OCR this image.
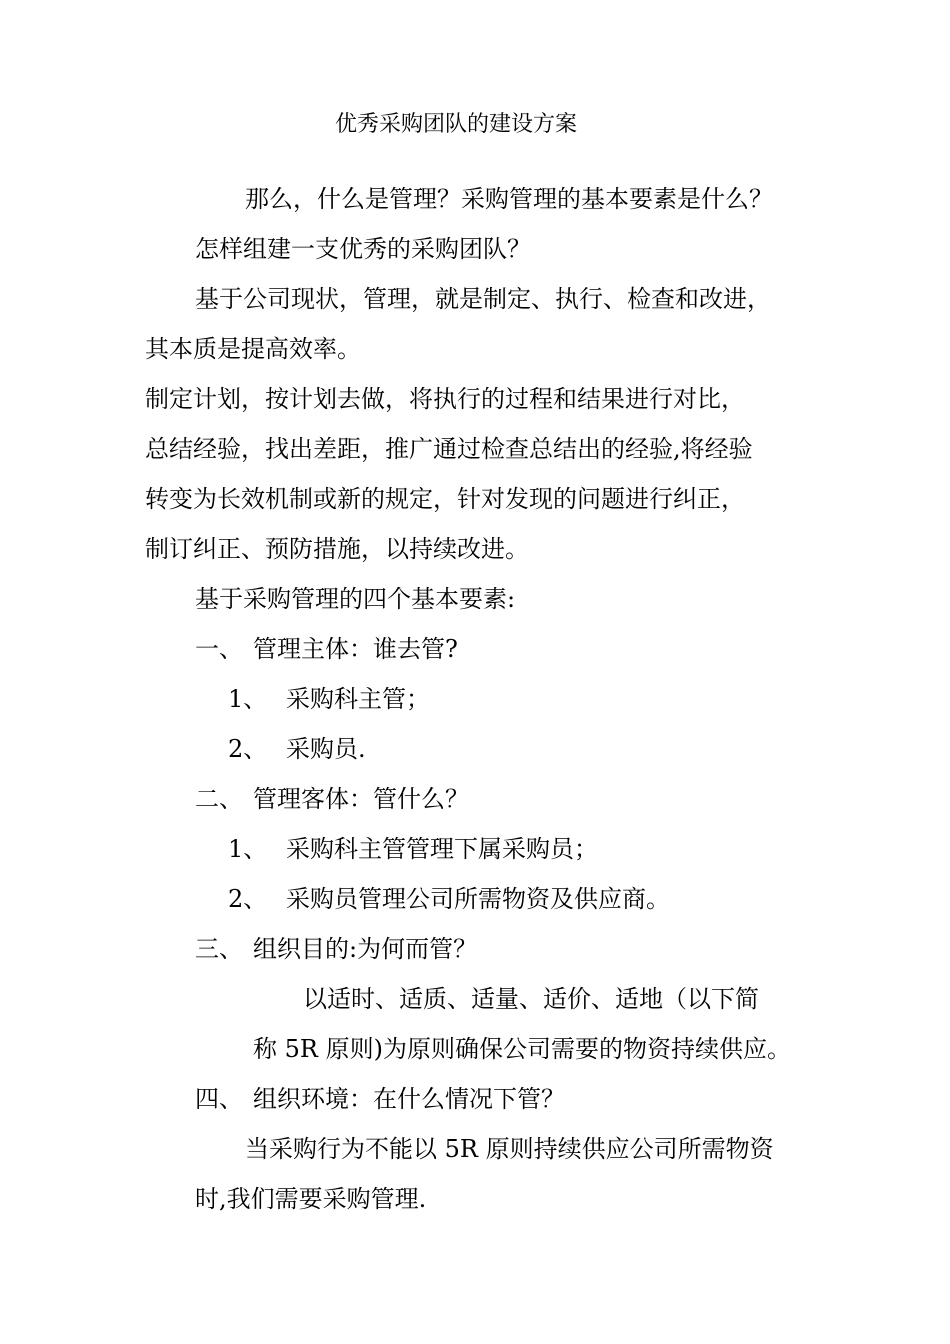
优秀采购团队的建设方案

那么，什么是管理？采购管理的基本要素是什么？

怎样组建一支优秀的采购团队？

基于公司现状，管理，就是制定、执行、检查和改进，

其本质是提高效率。

制定计划，按计划去做，将执行的过程和结果进行对比，

总结经验，找出差距，推广通过检查总结出的经验,将经验

转变为长效机制或新的规定，针对发现的问题进行纠正，

制订纠正、预防措施，以持续改进。

基于采购管理的四个基本要素:

一、 管理主体：谁去管?

1、 采购科主管；

2、 采购员.

二、 管理客体：管什么？

1、 采购科主管管理下属采购员；

2、 采购员管理公司所需物资及供应商。

三、 组织目的:为何而管？

以适时、适质、适量、适价、适地（以下简

称 5R 原则)为原则确保公司需要的物资持续供应。

四、 组织环境：在什么情况下管？

当采购行为不能以 5R 原则持续供应公司所需物资

时,我们需要采购管理.
